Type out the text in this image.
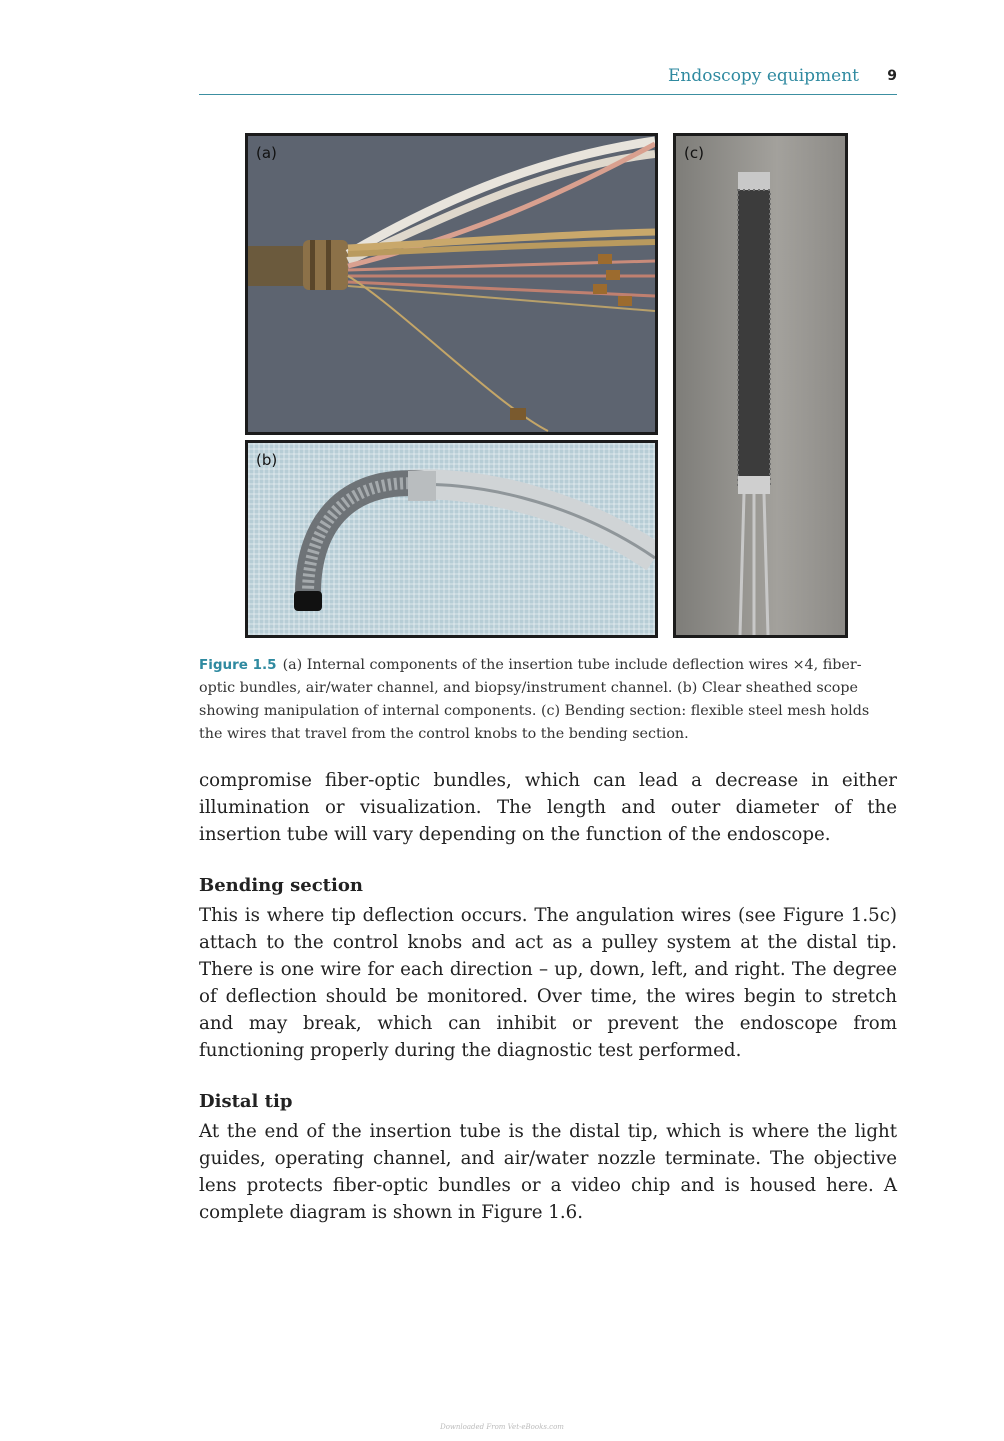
Endoscopy equipment 9
(a)
(b)
(c)
Figure 1.5 (a) Internal components of the insertion tube include deflection wires ×4, fiber-optic bundles, air/water channel, and biopsy/instrument channel. (b) Clear sheathed scope showing manipulation of internal components. (c) Bending section: flexible steel mesh holds the wires that travel from the control knobs to the bending section.
compromise fiber-optic bundles, which can lead a decrease in either illumination or visualization. The length and outer diameter of the insertion tube will vary depending on the function of the endoscope.
Bending section
This is where tip deflection occurs. The angulation wires (see Figure 1.5c) attach to the control knobs and act as a pulley system at the distal tip. There is one wire for each direction – up, down, left, and right. The degree of deflection should be monitored. Over time, the wires begin to stretch and may break, which can inhibit or prevent the endoscope from functioning properly during the diagnostic test performed.
Distal tip
At the end of the insertion tube is the distal tip, which is where the light guides, operating channel, and air/water nozzle terminate. The objective lens protects fiber-optic bundles or a video chip and is housed here. A complete diagram is shown in Figure 1.6.
Downloaded From Vet-eBooks.com
